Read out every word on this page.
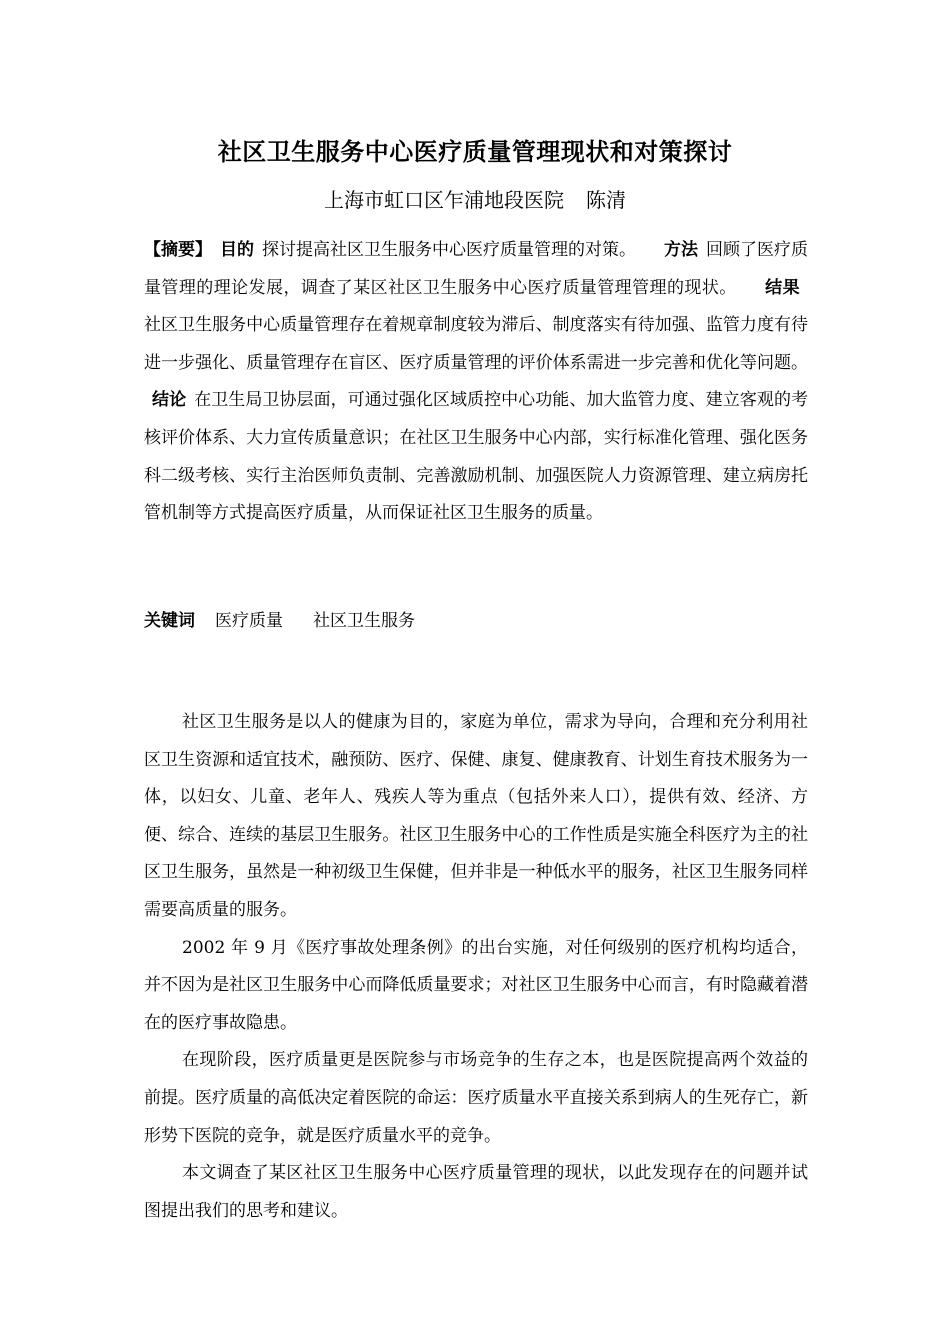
社区卫生服务中心医疗质量管理现状和对策探讨
上海市虹口区乍浦地段医院 陈清
【摘要】 目的 探讨提高社区卫生服务中心医疗质量管理的对策。 方法 回顾了医疗质量管理的理论发展，调查了某区社区卫生服务中心医疗质量管理管理的现状。 结果社区卫生服务中心质量管理存在着规章制度较为滞后、制度落实有待加强、监管力度有待进一步强化、质量管理存在盲区、医疗质量管理的评价体系需进一步完善和优化等问题。结论 在卫生局卫协层面，可通过强化区域质控中心功能、加大监管力度、建立客观的考核评价体系、大力宣传质量意识；在社区卫生服务中心内部，实行标准化管理、强化医务科二级考核、实行主治医师负责制、完善激励机制、加强医院人力资源管理、建立病房托管机制等方式提高医疗质量，从而保证社区卫生服务的质量。
关键词 医疗质量 社区卫生服务

社区卫生服务是以人的健康为目的，家庭为单位，需求为导向，合理和充分利用社区卫生资源和适宜技术，融预防、医疗、保健、康复、健康教育、计划生育技术服务为一体，以妇女、儿童、老年人、残疾人等为重点（包括外来人口），提供有效、经济、方便、综合、连续的基层卫生服务。社区卫生服务中心的工作性质是实施全科医疗为主的社区卫生服务，虽然是一种初级卫生保健，但并非是一种低水平的服务，社区卫生服务同样需要高质量的服务。

2002 年 9 月《医疗事故处理条例》的出台实施，对任何级别的医疗机构均适合，并不因为是社区卫生服务中心而降低质量要求；对社区卫生服务中心而言，有时隐藏着潜在的医疗事故隐患。

在现阶段，医疗质量更是医院参与市场竞争的生存之本，也是医院提高两个效益的前提。医疗质量的高低决定着医院的命运：医疗质量水平直接关系到病人的生死存亡，新形势下医院的竞争，就是医疗质量水平的竞争。

本文调查了某区社区卫生服务中心医疗质量管理的现状，以此发现存在的问题并试图提出我们的思考和建议。
